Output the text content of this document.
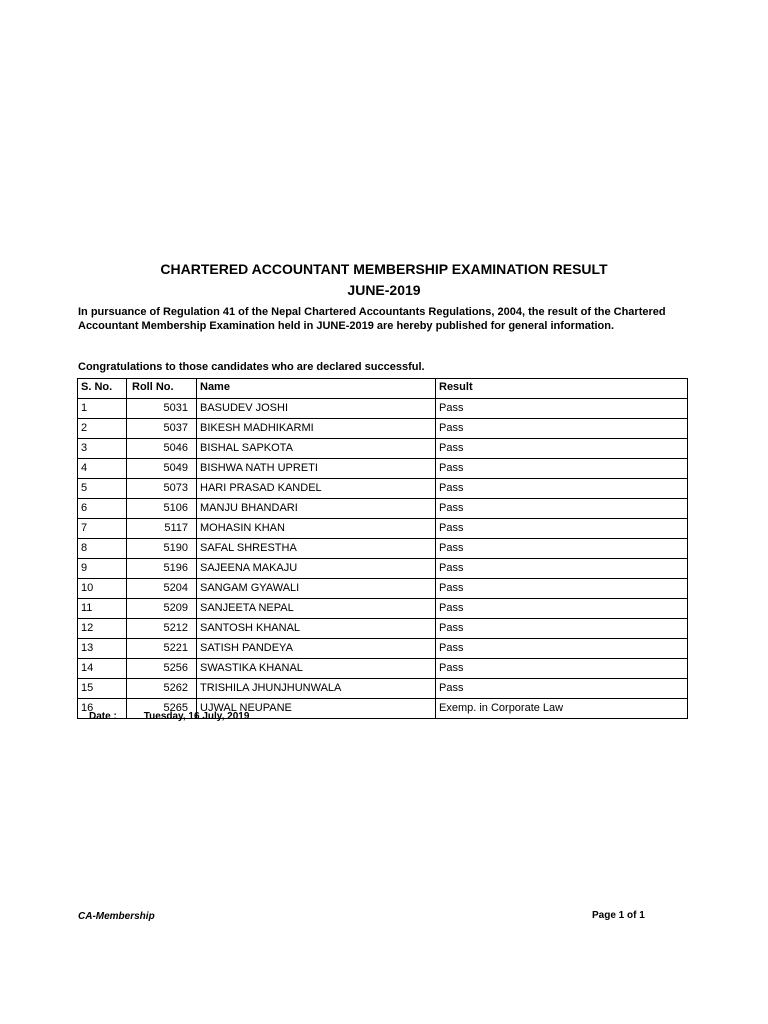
CHARTERED ACCOUNTANT MEMBERSHIP EXAMINATION RESULT
JUNE-2019
In pursuance of Regulation 41 of the Nepal Chartered Accountants Regulations, 2004, the result of the Chartered Accountant Membership Examination held in JUNE-2019 are hereby published for general information.
Congratulations to those candidates who are declared successful.
S. No.	Roll No.	Name	Result
1	5031	BASUDEV JOSHI	Pass
2	5037	BIKESH MADHIKARMI	Pass
3	5046	BISHAL SAPKOTA	Pass
4	5049	BISHWA NATH UPRETI	Pass
5	5073	HARI PRASAD KANDEL	Pass
6	5106	MANJU BHANDARI	Pass
7	5117	MOHASIN KHAN	Pass
8	5190	SAFAL SHRESTHA	Pass
9	5196	SAJEENA MAKAJU	Pass
10	5204	SANGAM GYAWALI	Pass
11	5209	SANJEETA NEPAL	Pass
12	5212	SANTOSH KHANAL	Pass
13	5221	SATISH PANDEYA	Pass
14	5256	SWASTIKA KHANAL	Pass
15	5262	TRISHILA JHUNJHUNWALA	Pass
16	5265	UJWAL NEUPANE	Exemp. in Corporate Law
Date :	Tuesday, 16 July, 2019
CA-Membership	Page 1 of 1
